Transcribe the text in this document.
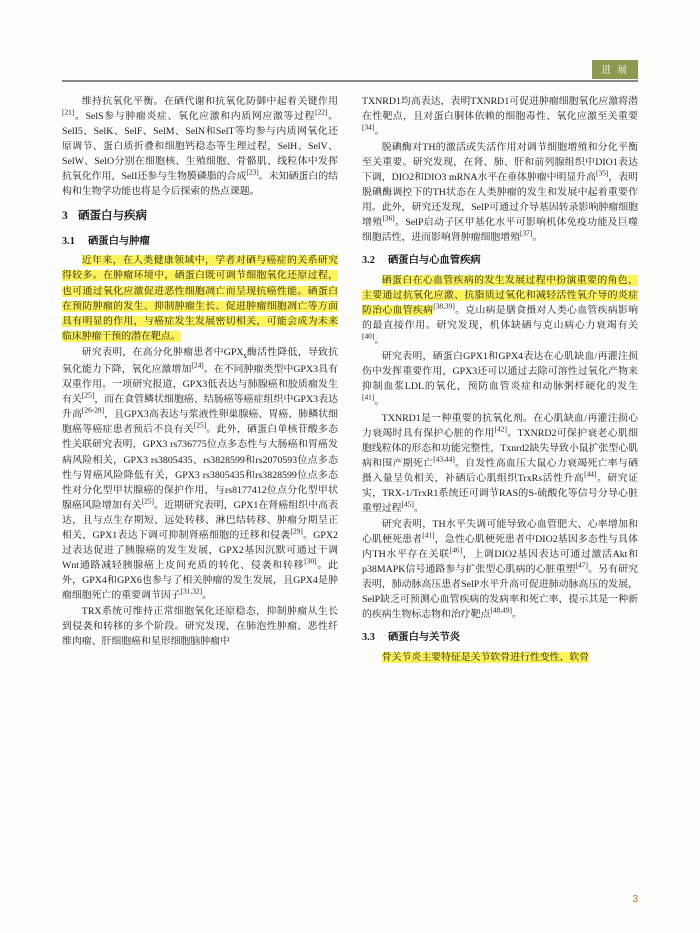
进 展

维持抗氧化平衡。在硒代谢和抗氧化防御中起着关键作用[21]。SelS参与肿瘤炎症、氧化应激和内质网应激等过程[22]。SelI5、SelK、SelF、SelM、SelN和SelT等均参与内质网氧化还原调节、蛋白质折叠和细胞钙稳态等生理过程，SelH、SelV、SelW、SelO分别在细胞核、生殖细胞、骨骼肌、线粒体中发挥抗氧化作用，SelI还参与生物膜磷脂的合成[23]。未知硒蛋白的结构和生物学功能也将是今后探索的热点课题。

3 硒蛋白与疾病
3.1 硒蛋白与肿瘤

近年来，在人类健康领域中，学者对硒与癌症的关系研究得较多。在肿瘤环境中，硒蛋白既可调节细胞氧化还原过程，也可通过氧化应激促进恶性细胞凋亡而呈现抗癌性能。硒蛋白在预防肿瘤的发生、抑制肿瘤生长、促进肿瘤细胞凋亡等方面具有明显的作用，与癌症发生发展密切相关，可能会成为未来临床肿瘤干预的潜在靶点。

研究表明，在高分化肿瘤患者中$GPX_s$酶活性降低，导致抗氧化能力下降，氧化应激增加[24]。在不同肿瘤类型中GPX3具有双重作用。一项研究报道，GPX3低表达与肺腺癌和胶质瘤发生有关[25]，而在食管鳞状细胞癌、结肠癌等癌症组织中GPX3表达升高[26-28]，且GPX3高表达与浆液性卵巢腺癌、胃癌、肺鳞状细胞癌等癌症患者预后不良有关[25]。此外，硒蛋白单核苷酸多态性关联研究表明，GPX3 rs736775位点多态性与大肠癌和胃癌发病风险相关，GPX3 rs3805435、rs3828599和rs2070593位点多态性与胃癌风险降低有关，GPX3 rs3805435和rs3828599位点多态性对分化型甲状腺癌的保护作用，与rs8177412位点分化型甲状腺癌风险增加有关[25]。近期研究表明，GPX1在肾癌组织中高表达，且与点生存期短、远处转移、淋巴结转移、肿瘤分期呈正相关，GPX1表达下调可抑制肾癌细胞的迁移和侵袭[29]。GPX2过表达促进了胰腺癌的发生发展，GPX2基因沉默可通过干调Wnt通路减轻胰腺癌上皮间充质的转化、侵袭和转移[30]。此外，GPX4和GPX6也参与了相关肿瘤的发生发展，且GPX4是肿瘤细胞死亡的重要调节因子[31,32]。

TRX系统可维持正常细胞氧化还原稳态，抑制肿瘤从生长到侵袭和转移的多个阶段。研究发现，在肺泡性肿瘤、恶性纤维肉瘤、肝细胞癌和星形细胞脑肿瘤中

TXNRD1均高表达，表明TXNRD1可促进肿瘤细胞氧化应激将潜在性靶点，且对蛋白胴体依赖的细胞毒性、氧化应激至关重要[34]。

脱碘酶对TH的激活或失活作用对调节细胞增殖和分化平衡至关重要。研究发现，在肾、肺、肝和前列腺组织中DIO1表达下调，DIO2和DIO3 mRNA水平在垂体肿瘤中明显升高[35]，表明脱碘酶调控下的TH状态在人类肿瘤的发生和发展中起着重要作用。此外，研究还发现，SelP可通过介导基因转录影响肿瘤细胞增殖[36]。SelP启动子区甲基化水平可影响机体免疫功能及巨噬细胞活性，进而影响肾肿瘤细胞增殖[37]。

3.2 硒蛋白与心血管疾病

硒蛋白在心血管疾病的发生发展过程中扮演重要的角色，主要通过抗氧化应激、抗脂质过氧化和减轻活性氧介导的炎症防治心血管疾病[38,39]。克山病是膳食摄对人类心血管疾病影响的最直接作用。研究发现，机体缺硒与克山病心力衰竭有关[40]。

研究表明，硒蛋白GPX1和GPX4表达在心肌缺血/再灌注损伤中发挥重要作用，GPX3还可以通过去除可溶性过氧化产物来抑制血浆LDL的氧化，预防血管炎症和动脉粥样硬化的发生[41]。

TXNRD1是一种重要的抗氧化剂。在心肌缺血/再灌注损心力衰竭时具有保护心脏的作用[42]。TXNRD2可保护衰老心肌细胞线粒体的形态和功能完整性，Txnrd2缺失导致小鼠扩张型心肌病和围产期死亡[43,44]。自发性高血压大鼠心力衰竭死亡率与硒摄入量呈负相关，补硒后心肌组织TrxRs活性升高[44]。研究证实，TRX-1/TrxR1系统还可调节RAS的S-硫酸化等信号分导心脏重塑过程[45]。

研究表明，TH水平失调可能导致心血管肥大、心率增加和心肌梗死患者[41]，急性心肌梗死患者中DIO2基因多态性与具体内TH水平存在关联[46]，上调DIO2基因表达可通过激活Akt和p38MAPK信号通路参与扩张型心肌病的心脏重塑[47]。另有研究表明，肺动脉高压患者SelP水平升高可促进肺动脉高压的发展，SelP缺乏可预测心血管疾病的发病率和死亡率，提示其是一种新的疾病生物标志物和治疗靶点[48,49]。

3.3 硒蛋白与关节炎

骨关节炎主要特征是关节软骨进行性变性、软骨

3
